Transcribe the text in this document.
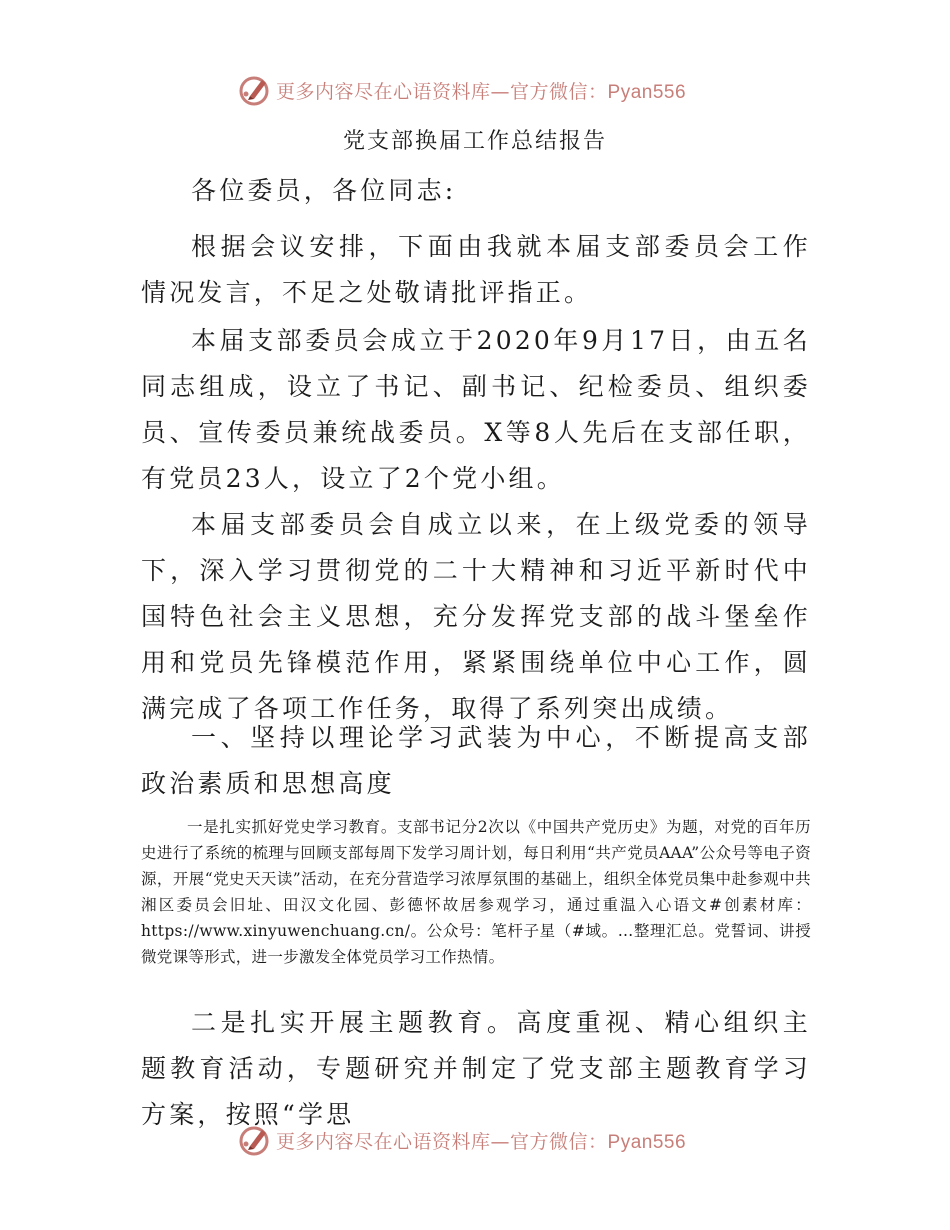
更多内容尽在心语资料库—官方微信：Pyan556
党支部换届工作总结报告

各位委员，各位同志:

根据会议安排，下面由我就本届支部委员会工作情况发言，不足之处敬请批评指正。

本届支部委员会成立于2020年9月17日，由五名同志组成，设立了书记、副书记、纪检委员、组织委员、宣传委员兼统战委员。X等8人先后在支部任职，有党员23人，设立了2个党小组。

本届支部委员会自成立以来，在上级党委的领导下，深入学习贯彻党的二十大精神和习近平新时代中国特色社会主义思想，充分发挥党支部的战斗堡垒作用和党员先锋模范作用，紧紧围绕单位中心工作，圆满完成了各项工作任务，取得了系列突出成绩。

一、坚持以理论学习武装为中心，不断提高支部政治素质和思想高度

一是扎实抓好党史学习教育。支部书记分2次以《中国共产党历史》为题，对党的百年历史进行了系统的梳理与回顾支部每周下发学习周计划，每日利用“共产党员AAA”公众号等电子资源，开展“党史天天读”活动，在充分营造学习浓厚氛围的基础上，组织全体党员集中赴参观中共湘区委员会旧址、田汉文化园、彭德怀故居参观学习，通过重温入心语文#创素材库：https://www.xinyuwenchuang.cn/。公众号：笔杆子星（#域。…整理汇总。党誓词、讲授微党课等形式，进一步激发全体党员学习工作热情。

二是扎实开展主题教育。高度重视、精心组织主题教育活动，专题研究并制定了党支部主题教育学习方案，按照“学思

更多内容尽在心语资料库—官方微信：Pyan556
